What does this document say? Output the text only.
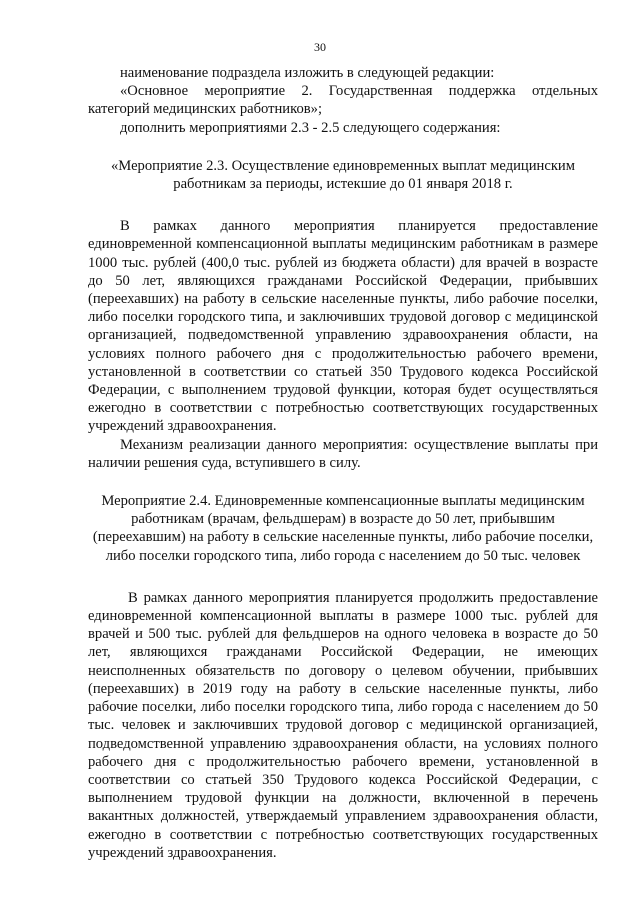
30

наименование подраздела изложить в следующей редакции:

«Основное мероприятие 2. Государственная поддержка отдельных категорий медицинских работников»;

дополнить мероприятиями 2.3 - 2.5 следующего содержания:

«Мероприятие 2.3. Осуществление единовременных выплат медицинским работникам за периоды, истекшие до 01 января 2018 г.

В рамках данного мероприятия планируется предоставление единовременной компенсационной выплаты медицинским работникам в размере 1000 тыс. рублей (400,0 тыс. рублей из бюджета области) для врачей в возрасте до 50 лет, являющихся гражданами Российской Федерации, прибывших (переехавших) на работу в сельские населенные пункты, либо рабочие поселки, либо поселки городского типа, и заключивших трудовой договор с медицинской организацией, подведомственной управлению здравоохранения области, на условиях полного рабочего дня с продолжительностью рабочего времени, установленной в соответствии со статьей 350 Трудового кодекса Российской Федерации, с выполнением трудовой функции, которая будет осуществляться ежегодно в соответствии с потребностью соответствующих государственных учреждений здравоохранения.

Механизм реализации данного мероприятия: осуществление выплаты при наличии решения суда, вступившего в силу.

Мероприятие 2.4. Единовременные компенсационные выплаты медицинским работникам (врачам, фельдшерам) в возрасте до 50 лет, прибывшим (переехавшим) на работу в сельские населенные пункты, либо рабочие поселки, либо поселки городского типа, либо города с населением до 50 тыс. человек

В рамках данного мероприятия планируется продолжить предоставление единовременной компенсационной выплаты в размере 1000 тыс. рублей для врачей и 500 тыс. рублей для фельдшеров на одного человека в возрасте до 50 лет, являющихся гражданами Российской Федерации, не имеющих неисполненных обязательств по договору о целевом обучении, прибывших (переехавших) в 2019 году на работу в сельские населенные пункты, либо рабочие поселки, либо поселки городского типа, либо города с населением до 50 тыс. человек и заключивших трудовой договор с медицинской организацией, подведомственной управлению здравоохранения области, на условиях полного рабочего дня с продолжительностью рабочего времени, установленной в соответствии со статьей 350 Трудового кодекса Российской Федерации, с выполнением трудовой функции на должности, включенной в перечень вакантных должностей, утверждаемый управлением здравоохранения области, ежегодно в соответствии с потребностью соответствующих государственных учреждений здравоохранения.
